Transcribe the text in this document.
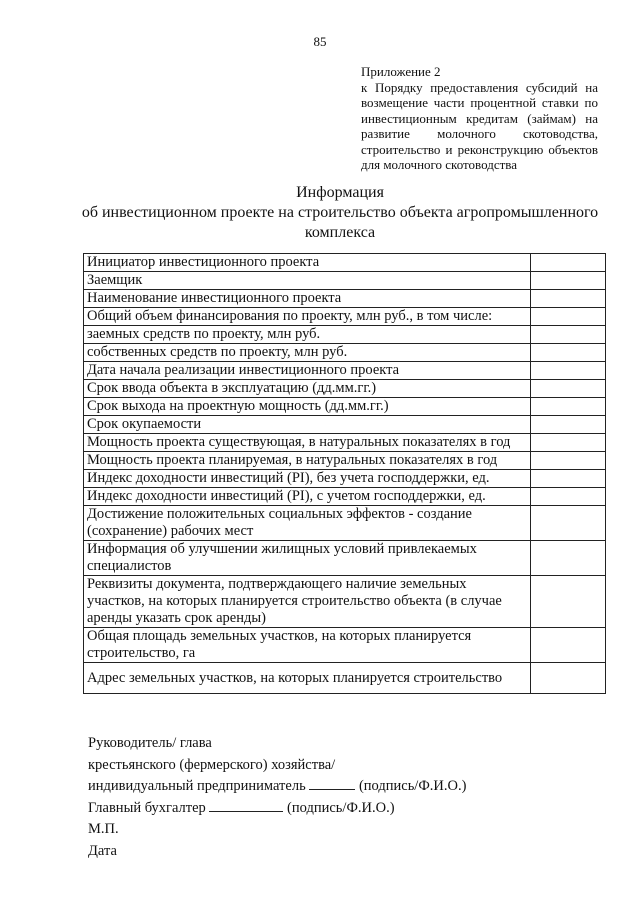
85
Приложение 2
к Порядку предоставления субсидий на
возмещение части процентной ставки по
инвестиционным кредитам (займам) на
развитие молочного скотоводства,
строительство и реконструкцию объектов
для молочного скотоводства
Информация
об инвестиционном проекте на строительство объекта агропромышленного комплекса
Инициатор инвестиционного проекта	
Заемщик	
Наименование инвестиционного проекта	
Общий объем финансирования по проекту, млн руб., в том числе:	
заемных средств по проекту, млн руб.	
собственных средств по проекту, млн руб.	
Дата начала реализации инвестиционного проекта	
Срок ввода объекта в эксплуатацию (дд.мм.гг.)	
Срок выхода на проектную мощность (дд.мм.гг.)	
Срок окупаемости	
Мощность проекта существующая, в натуральных показателях в год	
Мощность проекта планируемая, в натуральных показателях в год	
Индекс доходности инвестиций (PI), без учета господдержки, ед.	
Индекс доходности инвестиций (PI), с учетом господдержки, ед.	
Достижение положительных социальных эффектов - создание (сохранение) рабочих мест	
Информация об улучшении жилищных условий привлекаемых специалистов	
Реквизиты документа, подтверждающего наличие земельных участков, на которых планируется строительство объекта (в случае аренды указать срок аренды)	
Общая площадь земельных участков, на которых планируется строительство, га	
Адрес земельных участков, на которых планируется строительство	
Руководитель/ глава
крестьянского (фермерского) хозяйства/
индивидуальный предприниматель	(подпись/Ф.И.О.)
Главный бухгалтер	(подпись/Ф.И.О.)
М.П.
Дата
